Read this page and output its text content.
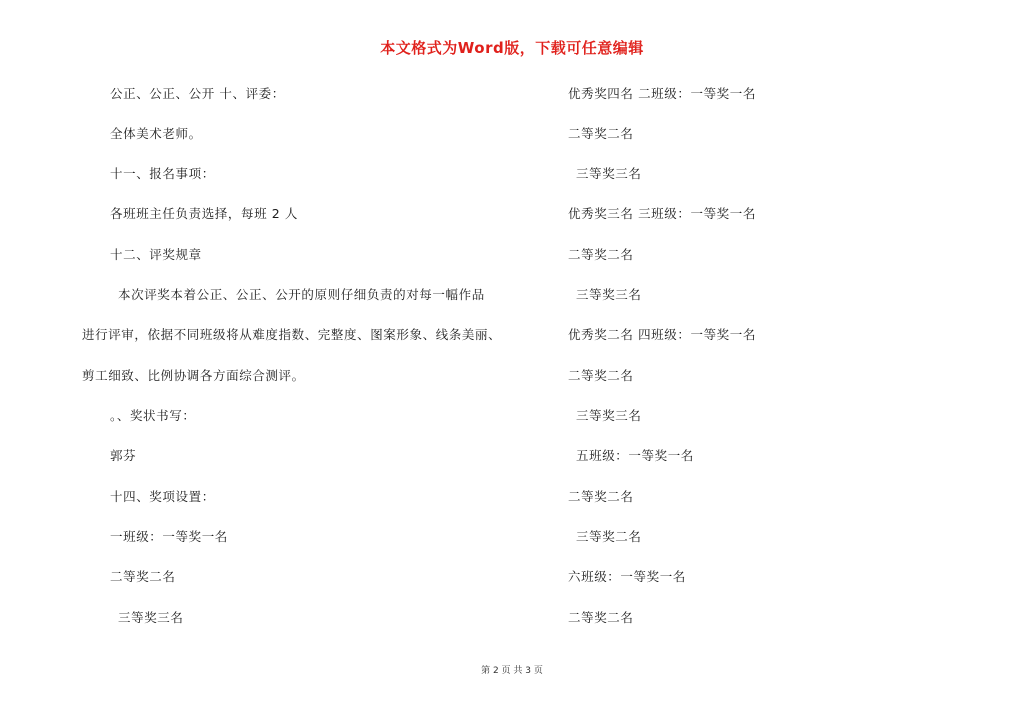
本文格式为Word版，下载可任意编辑
公正、公正、公开 十、评委：
全体美术老师。
十一、报名事项：
各班班主任负责选择，每班 2 人
十二、评奖规章
本次评奖本着公正、公正、公开的原则仔细负责的对每一幅作品
进行评审，依据不同班级将从难度指数、完整度、图案形象、线条美丽、
剪工细致、比例协调各方面综合测评。
。、奖状书写：
郭芬
十四、奖项设置：
一班级：一等奖一名
二等奖二名
三等奖三名
优秀奖四名 二班级：一等奖一名
二等奖二名
三等奖三名
优秀奖三名 三班级：一等奖一名
二等奖二名
三等奖三名
优秀奖二名 四班级：一等奖一名
二等奖二名
三等奖三名
五班级：一等奖一名
二等奖二名
三等奖二名
六班级：一等奖一名
二等奖二名
第 2 页 共 3 页
